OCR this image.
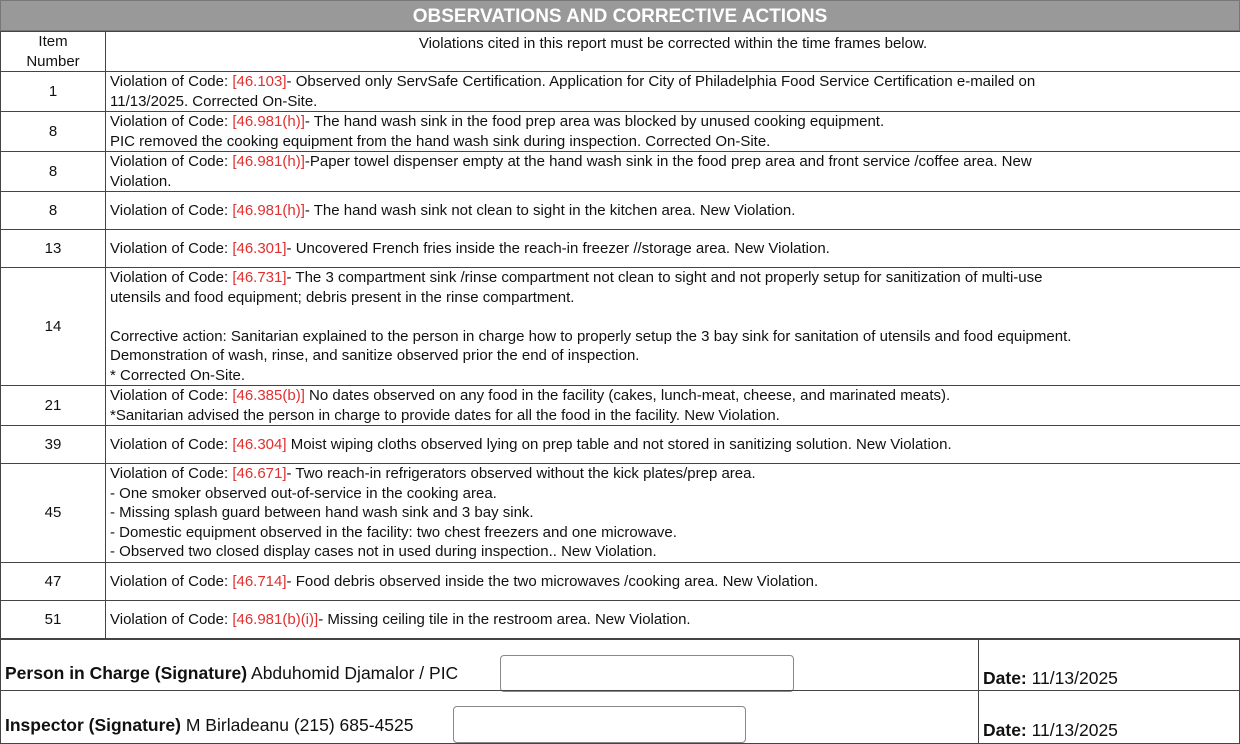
OBSERVATIONS AND CORRECTIVE ACTIONS
Item
Number	Violations cited in this report must be corrected within the time frames below.
1	Violation of Code: [46.103]- Observed only ServSafe Certification. Application for City of Philadelphia Food Service Certification e-mailed on
11/13/2025. Corrected On-Site.

8	Violation of Code: [46.981(h)]- The hand wash sink in the food prep area was blocked by unused cooking equipment.
PIC removed the cooking equipment from the hand wash sink during inspection. Corrected On-Site.

8	Violation of Code: [46.981(h)]-Paper towel dispenser empty at the hand wash sink in the food prep area and front service /coffee area. New
Violation.

8	Violation of Code: [46.981(h)]- The hand wash sink not clean to sight in the kitchen area. New Violation.

13	Violation of Code: [46.301]- Uncovered French fries inside the reach-in freezer //storage area. New Violation.

14	Violation of Code: [46.731]- The 3 compartment sink /rinse compartment not clean to sight and not properly setup for sanitization of multi-use
utensils and food equipment; debris present in the rinse compartment.
Corrective action: Sanitarian explained to the person in charge how to properly setup the 3 bay sink for sanitation of utensils and food equipment.
Demonstration of wash, rinse, and sanitize observed prior the end of inspection.
* Corrected On-Site.

21	Violation of Code: [46.385(b)] No dates observed on any food in the facility (cakes, lunch-meat, cheese, and marinated meats).
*Sanitarian advised the person in charge to provide dates for all the food in the facility. New Violation.

39	Violation of Code: [46.304] Moist wiping cloths observed lying on prep table and not stored in sanitizing solution. New Violation.

45	Violation of Code: [46.671]- Two reach-in refrigerators observed without the kick plates/prep area.
- One smoker observed out-of-service in the cooking area.
- Missing splash guard between hand wash sink and 3 bay sink.
- Domestic equipment observed in the facility: two chest freezers and one microwave.
- Observed two closed display cases not in used during inspection.. New Violation.

47	Violation of Code: [46.714]- Food debris observed inside the two microwaves /cooking area. New Violation.

51	Violation of Code: [46.981(b)(i)]- Missing ceiling tile in the restroom area. New Violation.
Person in Charge (Signature) Abduhomid Djamalor / PIC	Date: 11/13/2025
Inspector (Signature) M Birladeanu (215) 685-4525	Date: 11/13/2025
